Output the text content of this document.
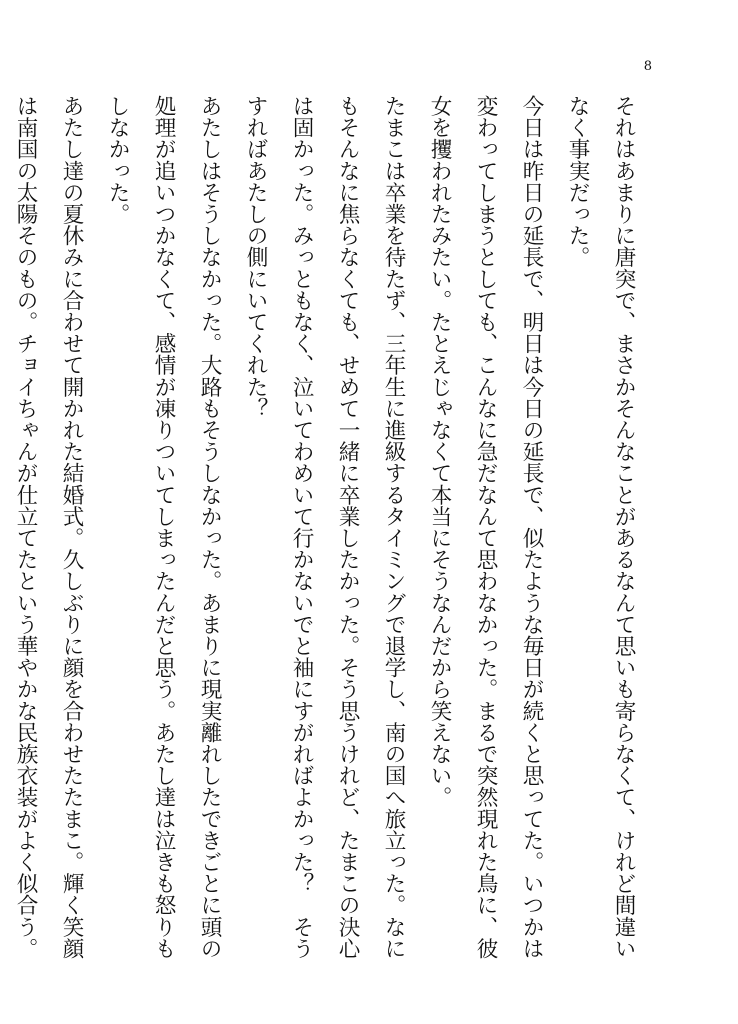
8

それはあまりに唐突で、まさかそんなことがあるなんて思いも寄らなくて、けれど間違いなく事実だった。

今日は昨日の延長で、明日は今日の延長で、似たような毎日が続くと思ってた。いつかは変わってしまうとしても、こんなに急だなんて思わなかった。まるで突然現れた鳥に、彼女を攫われたみたい。たとえじゃなくて本当にそうなんだから笑えない。

たまこは卒業を待たず、三年生に進級するタイミングで退学し、南の国へ旅立った。なにもそんなに焦らなくても、せめて一緒に卒業したかった。そう思うけれど、たまこの決心は固かった。みっともなく、泣いてわめいて行かないでと袖にすがればよかった？　そうすればあたしの側にいてくれた？

あたしはそうしなかった。大路もそうしなかった。あまりに現実離れしたできごとに頭の処理が追いつかなくて、感情が凍りついてしまったんだと思う。あたし達は泣きも怒りもしなかった。

あたし達の夏休みに合わせて開かれた結婚式。久しぶりに顔を合わせたたまこ。輝く笑顔は南国の太陽そのもの。チョイちゃんが仕立てたという華やかな民族衣装がよく似合う。　
